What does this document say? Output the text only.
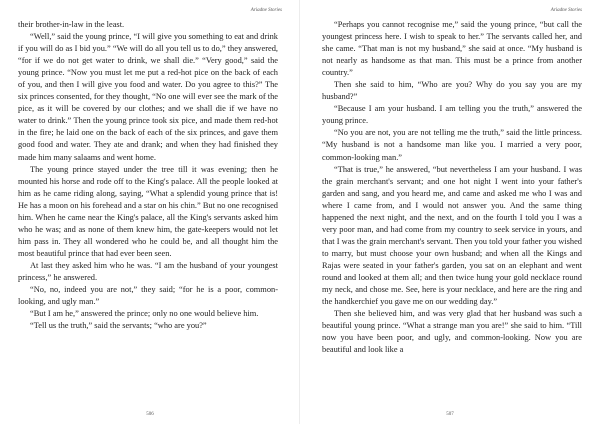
Ariadne Stories

their brother-in-law in the least.

“Well,” said the young prince, “I will give you something to eat and drink if you will do as I bid you.” “We will do all you tell us to do,” they answered, “for if we do not get water to drink, we shall die.” “Very good,” said the young prince. “Now you must let me put a red-hot pice on the back of each of you, and then I will give you food and water. Do you agree to this?” The six princes consented, for they thought, “No one will ever see the mark of the pice, as it will be covered by our clothes; and we shall die if we have no water to drink.” Then the young prince took six pice, and made them red-hot in the fire; he laid one on the back of each of the six princes, and gave them good food and water. They ate and drank; and when they had finished they made him many salaams and went home.

The young prince stayed under the tree till it was evening; then he mounted his horse and rode off to the King's palace. All the people looked at him as he came riding along, saying, “What a splendid young prince that is! He has a moon on his forehead and a star on his chin.” But no one recognised him. When he came near the King's palace, all the King's servants asked him who he was; and as none of them knew him, the gate-keepers would not let him pass in. They all wondered who he could be, and all thought him the most beautiful prince that had ever been seen.

At last they asked him who he was. “I am the husband of your youngest princess,” he answered.

“No, no, indeed you are not,” they said; “for he is a poor, common- looking, and ugly man.”

“But I am he,” answered the prince; only no one would believe him.

“Tell us the truth,” said the servants; “who are you?”

506
Ariadne Stories

“Perhaps you cannot recognise me,” said the young prince, “but call the youngest princess here. I wish to speak to her.” The servants called her, and she came. “That man is not my husband,” she said at once. “My husband is not nearly as handsome as that man. This must be a prince from another country.”

Then she said to him, “Who are you? Why do you say you are my husband?”

“Because I am your husband. I am telling you the truth,” answered the young prince.

“No you are not, you are not telling me the truth,” said the little princess. “My husband is not a handsome man like you. I married a very poor, common-looking man.”

“That is true,” he answered, “but nevertheless I am your husband. I was the grain merchant's servant; and one hot night I went into your father's garden and sang, and you heard me, and came and asked me who I was and where I came from, and I would not answer you. And the same thing happened the next night, and the next, and on the fourth I told you I was a very poor man, and had come from my country to seek service in yours, and that I was the grain merchant's servant. Then you told your father you wished to marry, but must choose your own husband; and when all the Kings and Rajas were seated in your father's garden, you sat on an elephant and went round and looked at them all; and then twice hung your gold necklace round my neck, and chose me. See, here is your necklace, and here are the ring and the handkerchief you gave me on our wedding day.”

Then she believed him, and was very glad that her husband was such a beautiful young prince. “What a strange man you are!” she said to him. “Till now you have been poor, and ugly, and common-looking. Now you are beautiful and look like a

507
